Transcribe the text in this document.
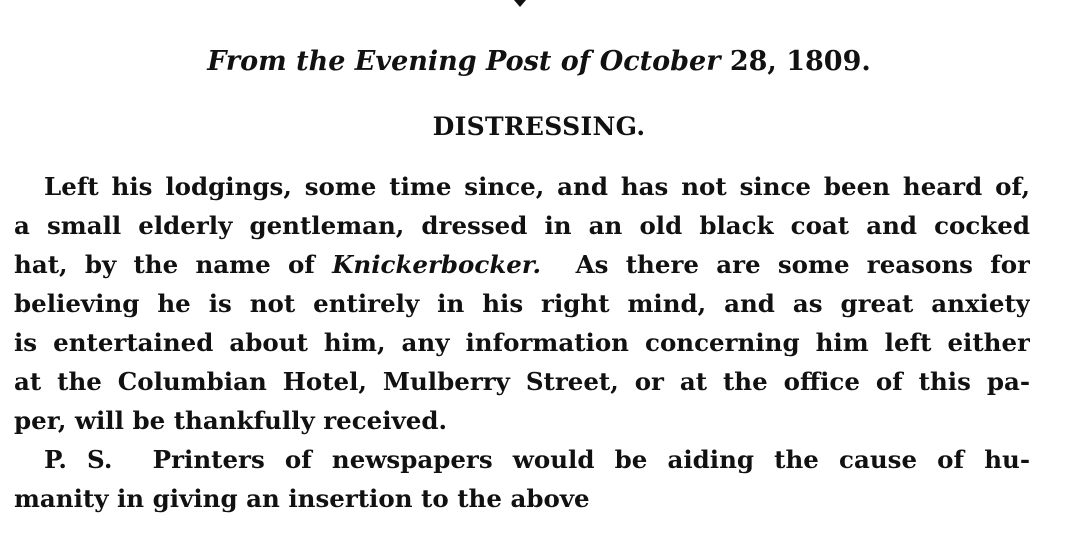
From the Evening Post of October 28, 1809.
DISTRESSING.
Left his lodgings, some time since, and has not since been heard of,
a small elderly gentleman, dressed in an old black coat and cocked
hat, by the name of Knickerbocker.  As there are some reasons for
believing he is not entirely in his right mind, and as great anxiety
is entertained about him, any information concerning him left either
at the Columbian Hotel, Mulberry Street, or at the office of this pa-
per, will be thankfully received.
P. S.  Printers of newspapers would be aiding the cause of hu-
manity in giving an insertion to the above
